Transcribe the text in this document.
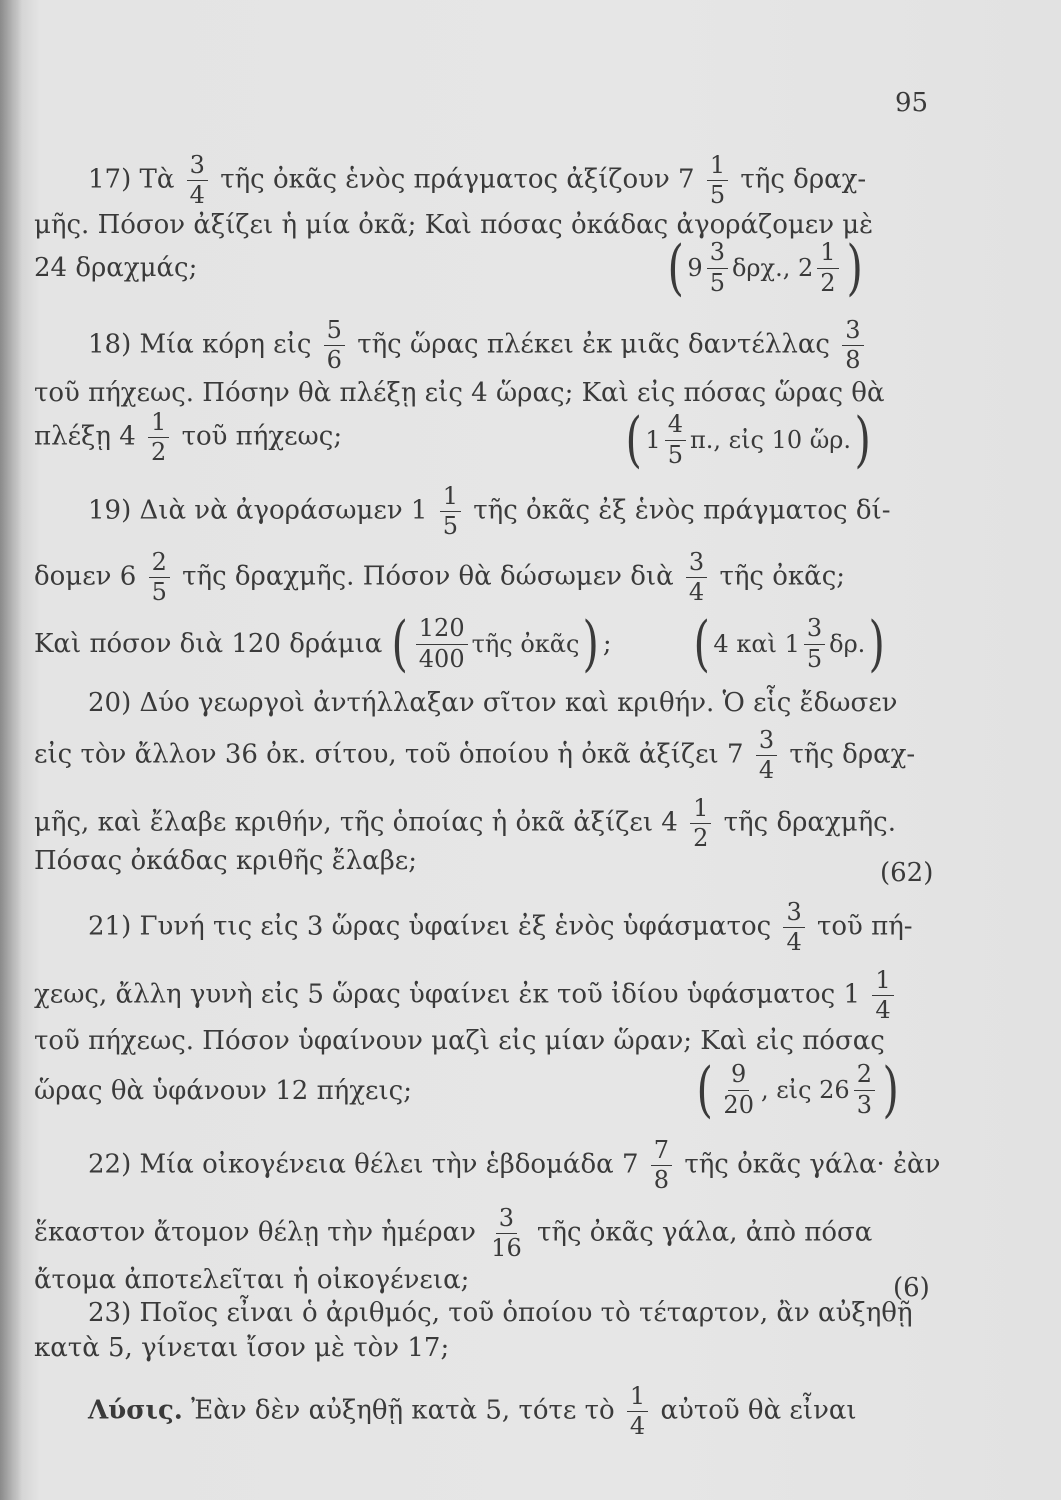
95
17) Τὰ $\frac{3}{4}$ τῆς ὀκᾶς ἑνὸς πράγματος ἀξίζουν $7 \frac{1}{5}$ τῆς δραχ-
μῆς. Πόσον ἀξίζει ἡ μία ὀκᾶ; Καὶ πόσας ὀκάδας ἀγοράζομεν μὲ
24 δραχμάς;	( $9 \frac{3}{5} \delta\rho\chi$., $2 \frac{1}{2}$ )
18) Μία κόρη εἰς $\frac{5}{6}$ τῆς ὥρας πλέκει ἐκ μιᾶς δαντέλλας $\frac{3}{8}$
τοῦ πήχεως. Πόσην θὰ πλέξῃ εἰς 4 ὥρας; Καὶ εἰς πόσας ὥρας θὰ
πλέξῃ $4 \frac{1}{2}$ τοῦ πήχεως;	( $1 \frac{4}{5} \pi$., εἰς 10 ὥρ. )
19) Διὰ νὰ ἀγοράσωμεν $1 \frac{1}{5}$ τῆς ὀκᾶς ἐξ ἑνὸς πράγματος δί-
δομεν $6 \frac{2}{5}$ τῆς δραχμῆς. Πόσον θὰ δώσωμεν διὰ $\frac{3}{4}$ τῆς ὀκᾶς;
Καὶ πόσον διὰ 120 δράμια ( $\frac{120}{400}$ τῆς ὀκᾶς ) ; ( 4 καὶ $1 \frac{3}{5} \delta\rho$. )
20) Δύο γεωργοὶ ἀντήλλαξαν σῖτον καὶ κριθήν. Ὁ εἷς ἔδωσεν
εἰς τὸν ἄλλον 36 ὀκ. σίτου, τοῦ ὁποίου ἡ ὀκᾶ ἀξίζει $7 \frac{3}{4}$ τῆς δραχ-
μῆς, καὶ ἔλαβε κριθήν, τῆς ὁποίας ἡ ὀκᾶ ἀξίζει $4 \frac{1}{2}$ τῆς δραχμῆς.
Πόσας ὀκάδας κριθῆς ἔλαβε;	(62)
21) Γυνή τις εἰς 3 ὥρας ὑφαίνει ἐξ ἑνὸς ὑφάσματος $\frac{3}{4}$ τοῦ πή-
χεως, ἄλλη γυνὴ εἰς 5 ὥρας ὑφαίνει ἐκ τοῦ ἰδίου ὑφάσματος $1 \frac{1}{4}$
τοῦ πήχεως. Πόσον ὑφαίνουν μαζὶ εἰς μίαν ὥραν; Καὶ εἰς πόσας
ὥρας θὰ ὑφάνουν 12 πήχεις;	( $\frac{9}{20}$ , εἰς $26 \frac{2}{3}$ )
22) Μία οἰκογένεια θέλει τὴν ἑβδομάδα $7 \frac{7}{8}$ τῆς ὀκᾶς γάλα· ἐὰν
ἕκαστον ἄτομον θέλῃ τὴν ἡμέραν $\frac{3}{16}$ τῆς ὀκᾶς γάλα, ἀπὸ πόσα
ἄτομα ἀποτελεῖται ἡ οἰκογένεια;	(6)
23) Ποῖος εἶναι ὁ ἀριθμός, τοῦ ὁποίου τὸ τέταρτον, ἂν αὐξηθῇ
κατὰ 5, γίνεται ἴσον μὲ τὸν 17;
Λύσις. Ἐὰν δὲν αὐξηθῇ κατὰ 5, τότε τὸ $\frac{1}{4}$ αὐτοῦ θὰ εἶναι
